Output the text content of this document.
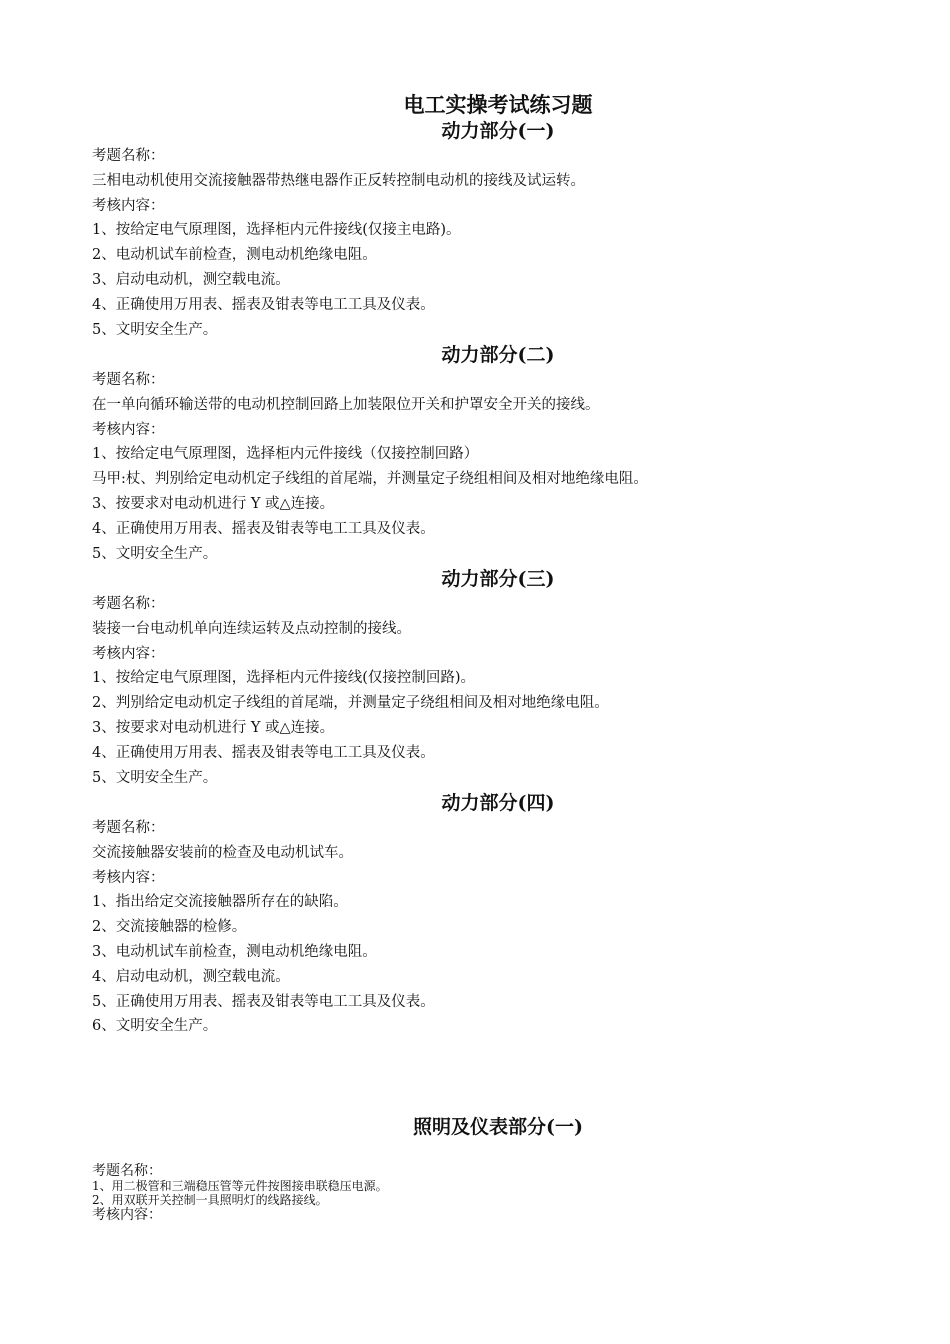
电工实操考试练习题
动力部分(一)
考题名称：
三相电动机使用交流接触器带热继电器作正反转控制电动机的接线及试运转。
考核内容：
1、按给定电气原理图，选择柜内元件接线(仅接主电路)。
2、电动机试车前检查，测电动机绝缘电阻。
3、启动电动机，测空载电流。
4、正确使用万用表、摇表及钳表等电工工具及仪表。
5、文明安全生产。
动力部分(二)
考题名称：
在一单向循环输送带的电动机控制回路上加装限位开关和护罩安全开关的接线。
考核内容：
1、按给定电气原理图，选择柜内元件接线（仅接控制回路）
马甲:杖、判别给定电动机定子线组的首尾端，并测量定子绕组相间及相对地绝缘电阻。
3、按要求对电动机进行 Y 或△连接。
4、正确使用万用表、摇表及钳表等电工工具及仪表。
5、文明安全生产。
动力部分(三)
考题名称：
装接一台电动机单向连续运转及点动控制的接线。
考核内容：
1、按给定电气原理图，选择柜内元件接线(仅接控制回路)。
2、判别给定电动机定子线组的首尾端，并测量定子绕组相间及相对地绝缘电阻。
3、按要求对电动机进行 Y 或△连接。
4、正确使用万用表、摇表及钳表等电工工具及仪表。
5、文明安全生产。
动力部分(四)
考题名称：
交流接触器安装前的检查及电动机试车。
考核内容：
1、指出给定交流接触器所存在的缺陷。
2、交流接触器的检修。
3、电动机试车前检查，测电动机绝缘电阻。
4、启动电动机，测空载电流。
5、正确使用万用表、摇表及钳表等电工工具及仪表。
6、文明安全生产。
照明及仪表部分(一)
考题名称：
1、用二极管和三端稳压管等元件按图接串联稳压电源。
2、用双联开关控制一具照明灯的线路接线。
考核内容：
